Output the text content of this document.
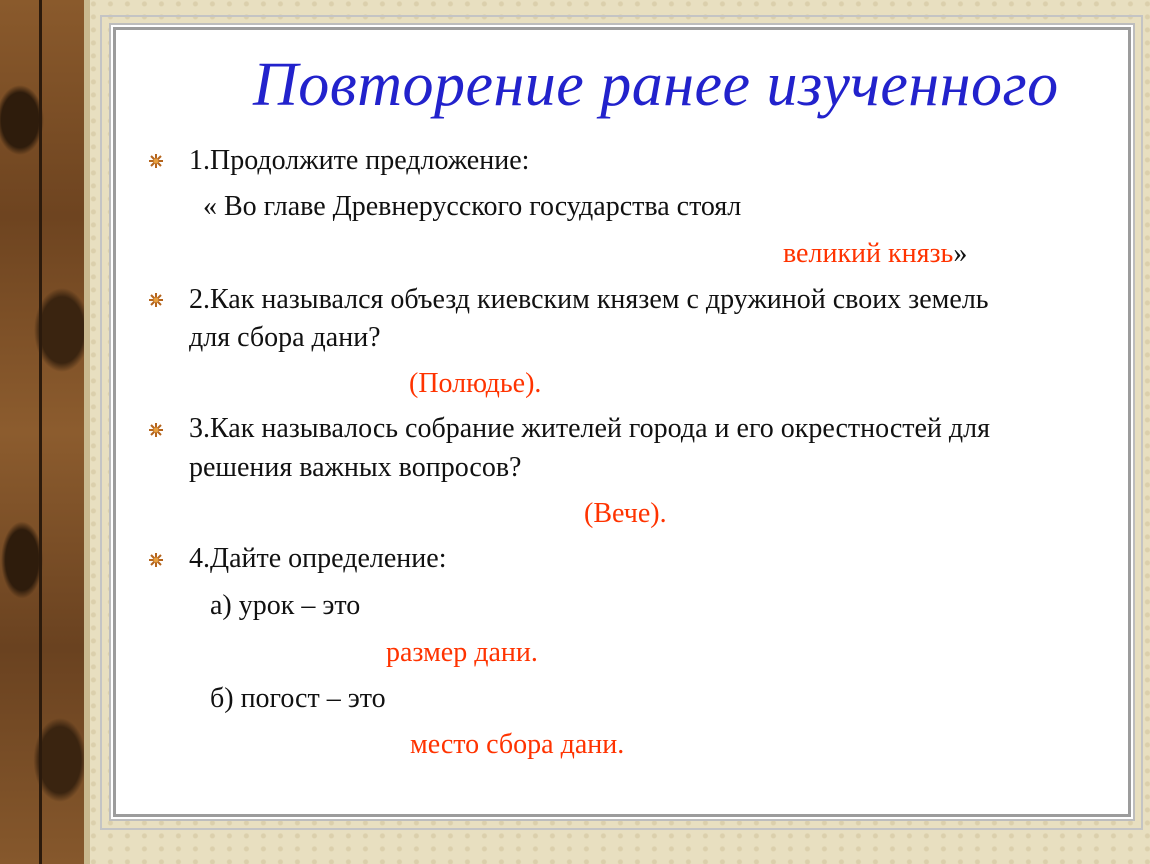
Повторение ранее изученного
1.Продолжите предложение:
« Во главе Древнерусского государства стоял
великий князь»
2.Как назывался объезд киевским князем с дружиной своих земель
для сбора дани?
(Полюдье).
3.Как называлось собрание жителей города и его окрестностей для
решения важных вопросов?
(Вече).
4.Дайте определение:
а) урок – это
размер дани.
б) погост – это
место сбора дани.
